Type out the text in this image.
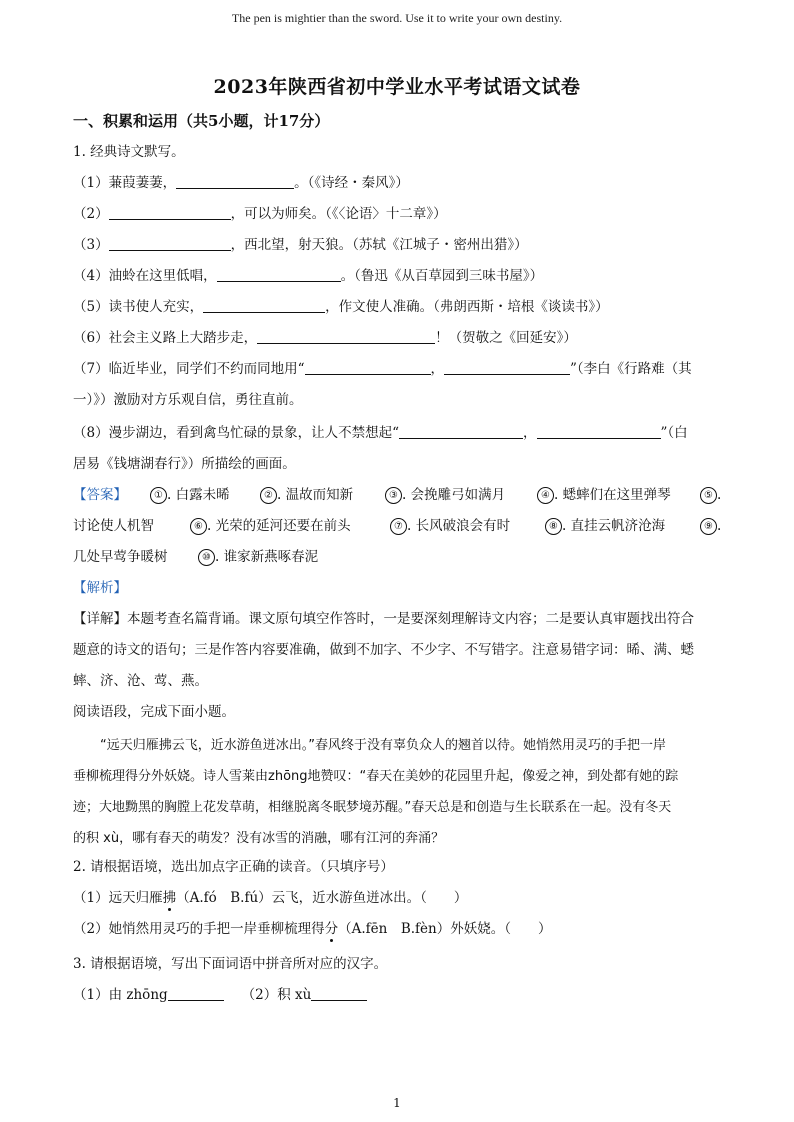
The pen is mightier than the sword. Use it to write your own destiny.
2023年陕西省初中学业水平考试语文试卷
一、积累和运用（共5小题，计17分）
1. 经典诗文默写。
（1）蒹葭萋萋，	。（《诗经・秦风》）
（2）	，可以为师矣。（《〈论语〉十二章》）
（3）	，西北望，射天狼。（苏轼《江城子・密州出猎》）
（4）油蛉在这里低唱，	。（鲁迅《从百草园到三味书屋》）
（5）读书使人充实，	，作文使人准确。（弗朗西斯・培根《谈读书》）
（6）社会主义路上大踏步走，	！（贺敬之《回延安》）
（7）临近毕业，同学们不约而同地用“	，	”（李白《行路难（其
一）》）激励对方乐观自信，勇往直前。
（8）漫步湖边，看到禽鸟忙碌的景象，让人不禁想起“	，	”（白
居易《钱塘湖春行》）所描绘的画面。
【答案】	① . 白露未晞	② . 温故而知新	③ . 会挽雕弓如满月	④ . 蟋蟀们在这里弹琴	⑤ .
讨论使人机智	⑥ . 光荣的延河还要在前头	⑦ . 长风破浪会有时	⑧ . 直挂云帆济沧海	⑨ .
几处早莺争暖树	⑩ . 谁家新燕啄春泥
【解析】
【详解】本题考查名篇背诵。课文原句填空作答时，一是要深刻理解诗文内容；二是要认真审题找出符合
题意的诗文的语句；三是作答内容要准确，做到不加字、不少字、不写错字。注意易错字词：晞、满、蟋
蟀、济、沧、莺、燕。
阅读语段，完成下面小题。
“远天归雁拂云飞，近水游鱼迸冰出。”春风终于没有辜负众人的翘首以待。她悄然用灵巧的手把一岸
垂柳梳理得分外妖娆。诗人雪莱由zhōng地赞叹：“春天在美妙的花园里升起，像爱之神，到处都有她的踪
迹；大地黝黑的胸膛上花发草萌，相继脱离冬眠梦境苏醒。”春天总是和创造与生长联系在一起。没有冬天
的积 xù，哪有春天的萌发？没有冰雪的消融，哪有江河的奔涌？
2. 请根据语境，选出加点字正确的读音。（只填序号）
（1）远天归雁拂（A.fó　B.fú）云飞，近水游鱼迸冰出。（　　）
（2）她悄然用灵巧的手把一岸垂柳梳理得分（A.fēn　B.fèn）外妖娆。（　　）
3. 请根据语境，写出下面词语中拼音所对应的汉字。
（1）由 zhōng	（2）积 xù
1
